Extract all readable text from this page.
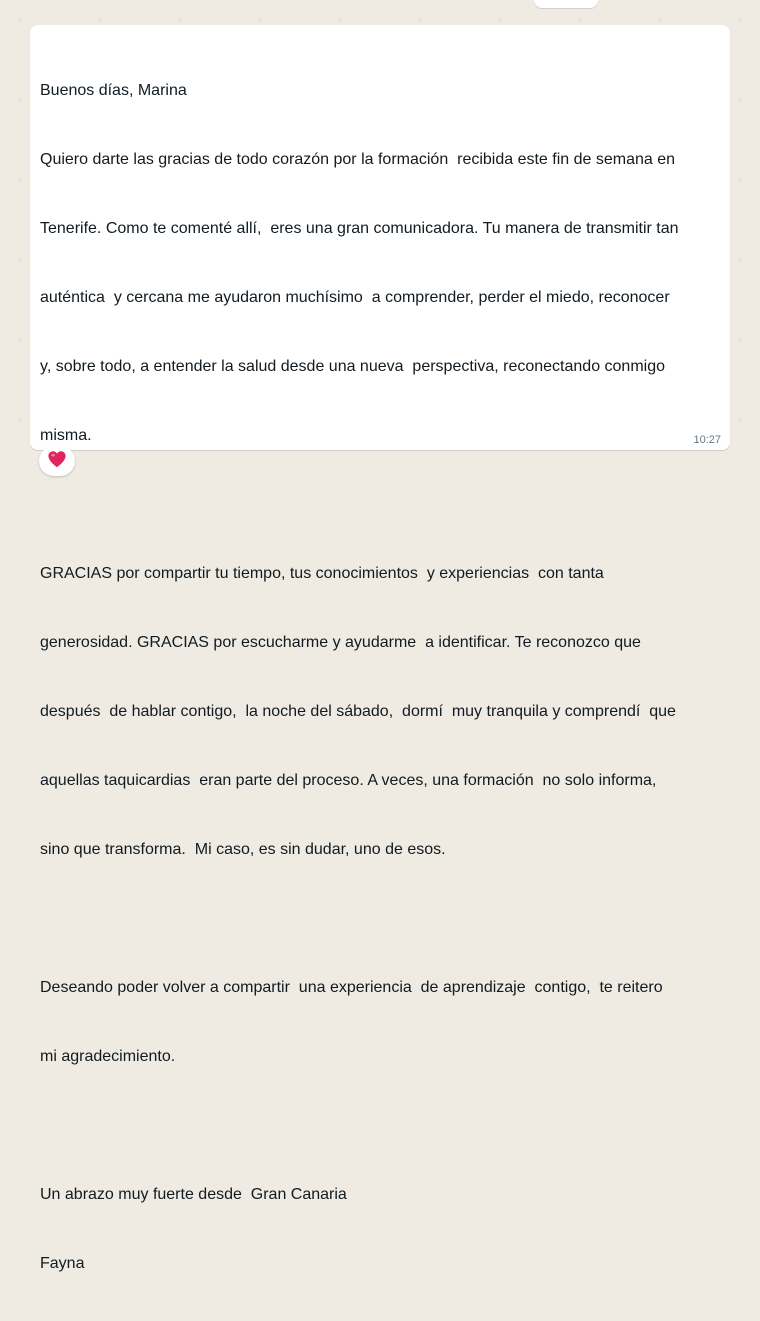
Buenos días, Marina

Quiero darte las gracias de todo corazón por la formación  recibida este fin de semana en

Tenerife. Como te comenté allí,  eres una gran comunicadora. Tu manera de transmitir tan

auténtica  y cercana me ayudaron muchísimo  a comprender, perder el miedo, reconocer

y, sobre todo, a entender la salud desde una nueva  perspectiva, reconectando conmigo

misma.

GRACIAS por compartir tu tiempo, tus conocimientos  y experiencias  con tanta

generosidad. GRACIAS por escucharme y ayudarme  a identificar. Te reconozco que

después  de hablar contigo,  la noche del sábado,  dormí  muy tranquila y comprendí  que

aquellas taquicardias  eran parte del proceso. A veces, una formación  no solo informa,

sino que transforma.  Mi caso, es sin dudar, uno de esos.

Deseando poder volver a compartir  una experiencia  de aprendizaje  contigo,  te reitero

mi agradecimiento.

Un abrazo muy fuerte desde  Gran Canaria

Fayna

10:27
